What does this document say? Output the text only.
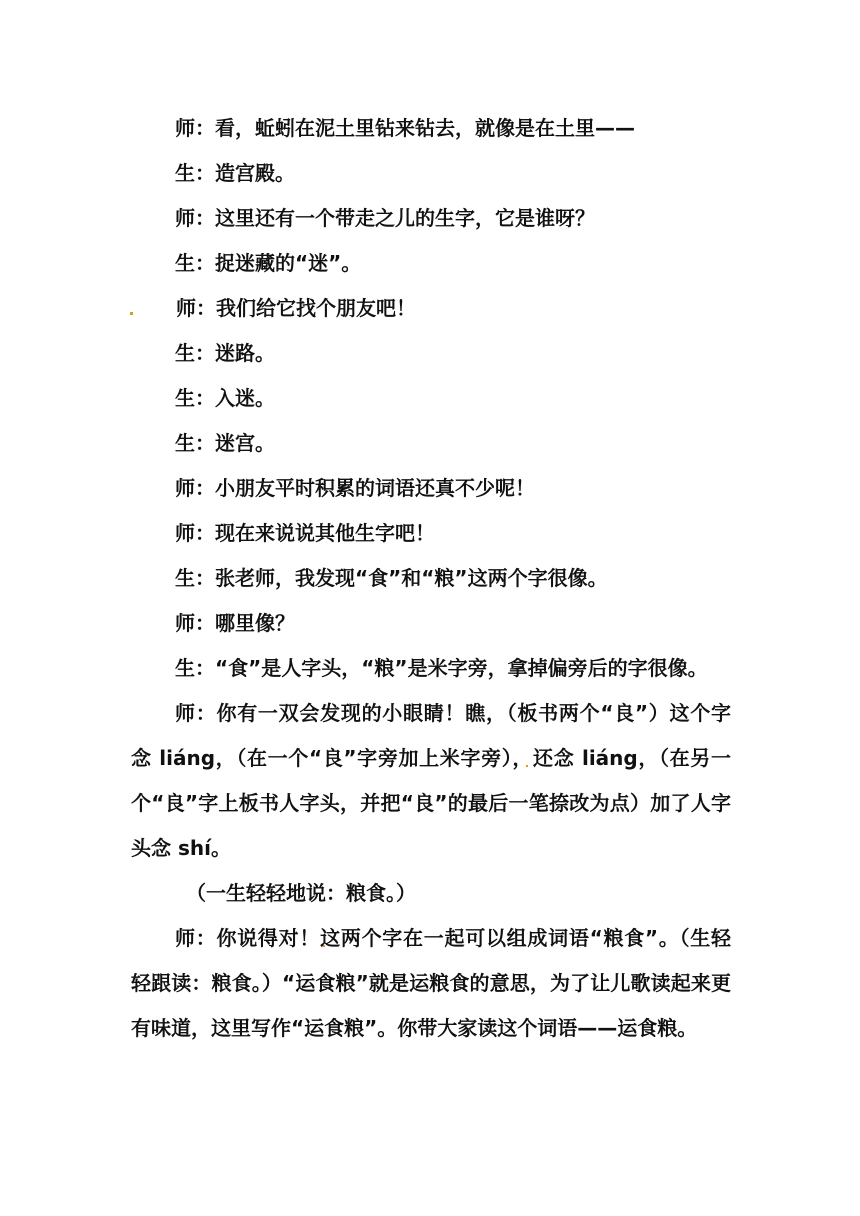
师：看，蚯蚓在泥土里钻来钻去，就像是在土里——
生：造宫殿。
师：这里还有一个带走之儿的生字，它是谁呀？
生：捉迷藏的“迷”。
师：我们给它找个朋友吧！
生：迷路。
生：入迷。
生：迷宫。
师：小朋友平时积累的词语还真不少呢！
师：现在来说说其他生字吧！
生：张老师，我发现“食”和“粮”这两个字很像。
师：哪里像？
生：“食”是人字头，“粮”是米字旁，拿掉偏旁后的字很像。
师：你有一双会发现的小眼睛！瞧，（板书两个“良”）这个字念 liáng，（在一个“良”字旁加上米字旁），还念 liáng，（在另一个“良”字上板书人字头，并把“良”的最后一笔捺改为点）加了人字头念 shí。
（一生轻轻地说：粮食。）
师：你说得对！这两个字在一起可以组成词语“粮食”。（生轻轻跟读：粮食。）“运食粮”就是运粮食的意思，为了让儿歌读起来更有味道，这里写作“运食粮”。你带大家读这个词语——运食粮。
